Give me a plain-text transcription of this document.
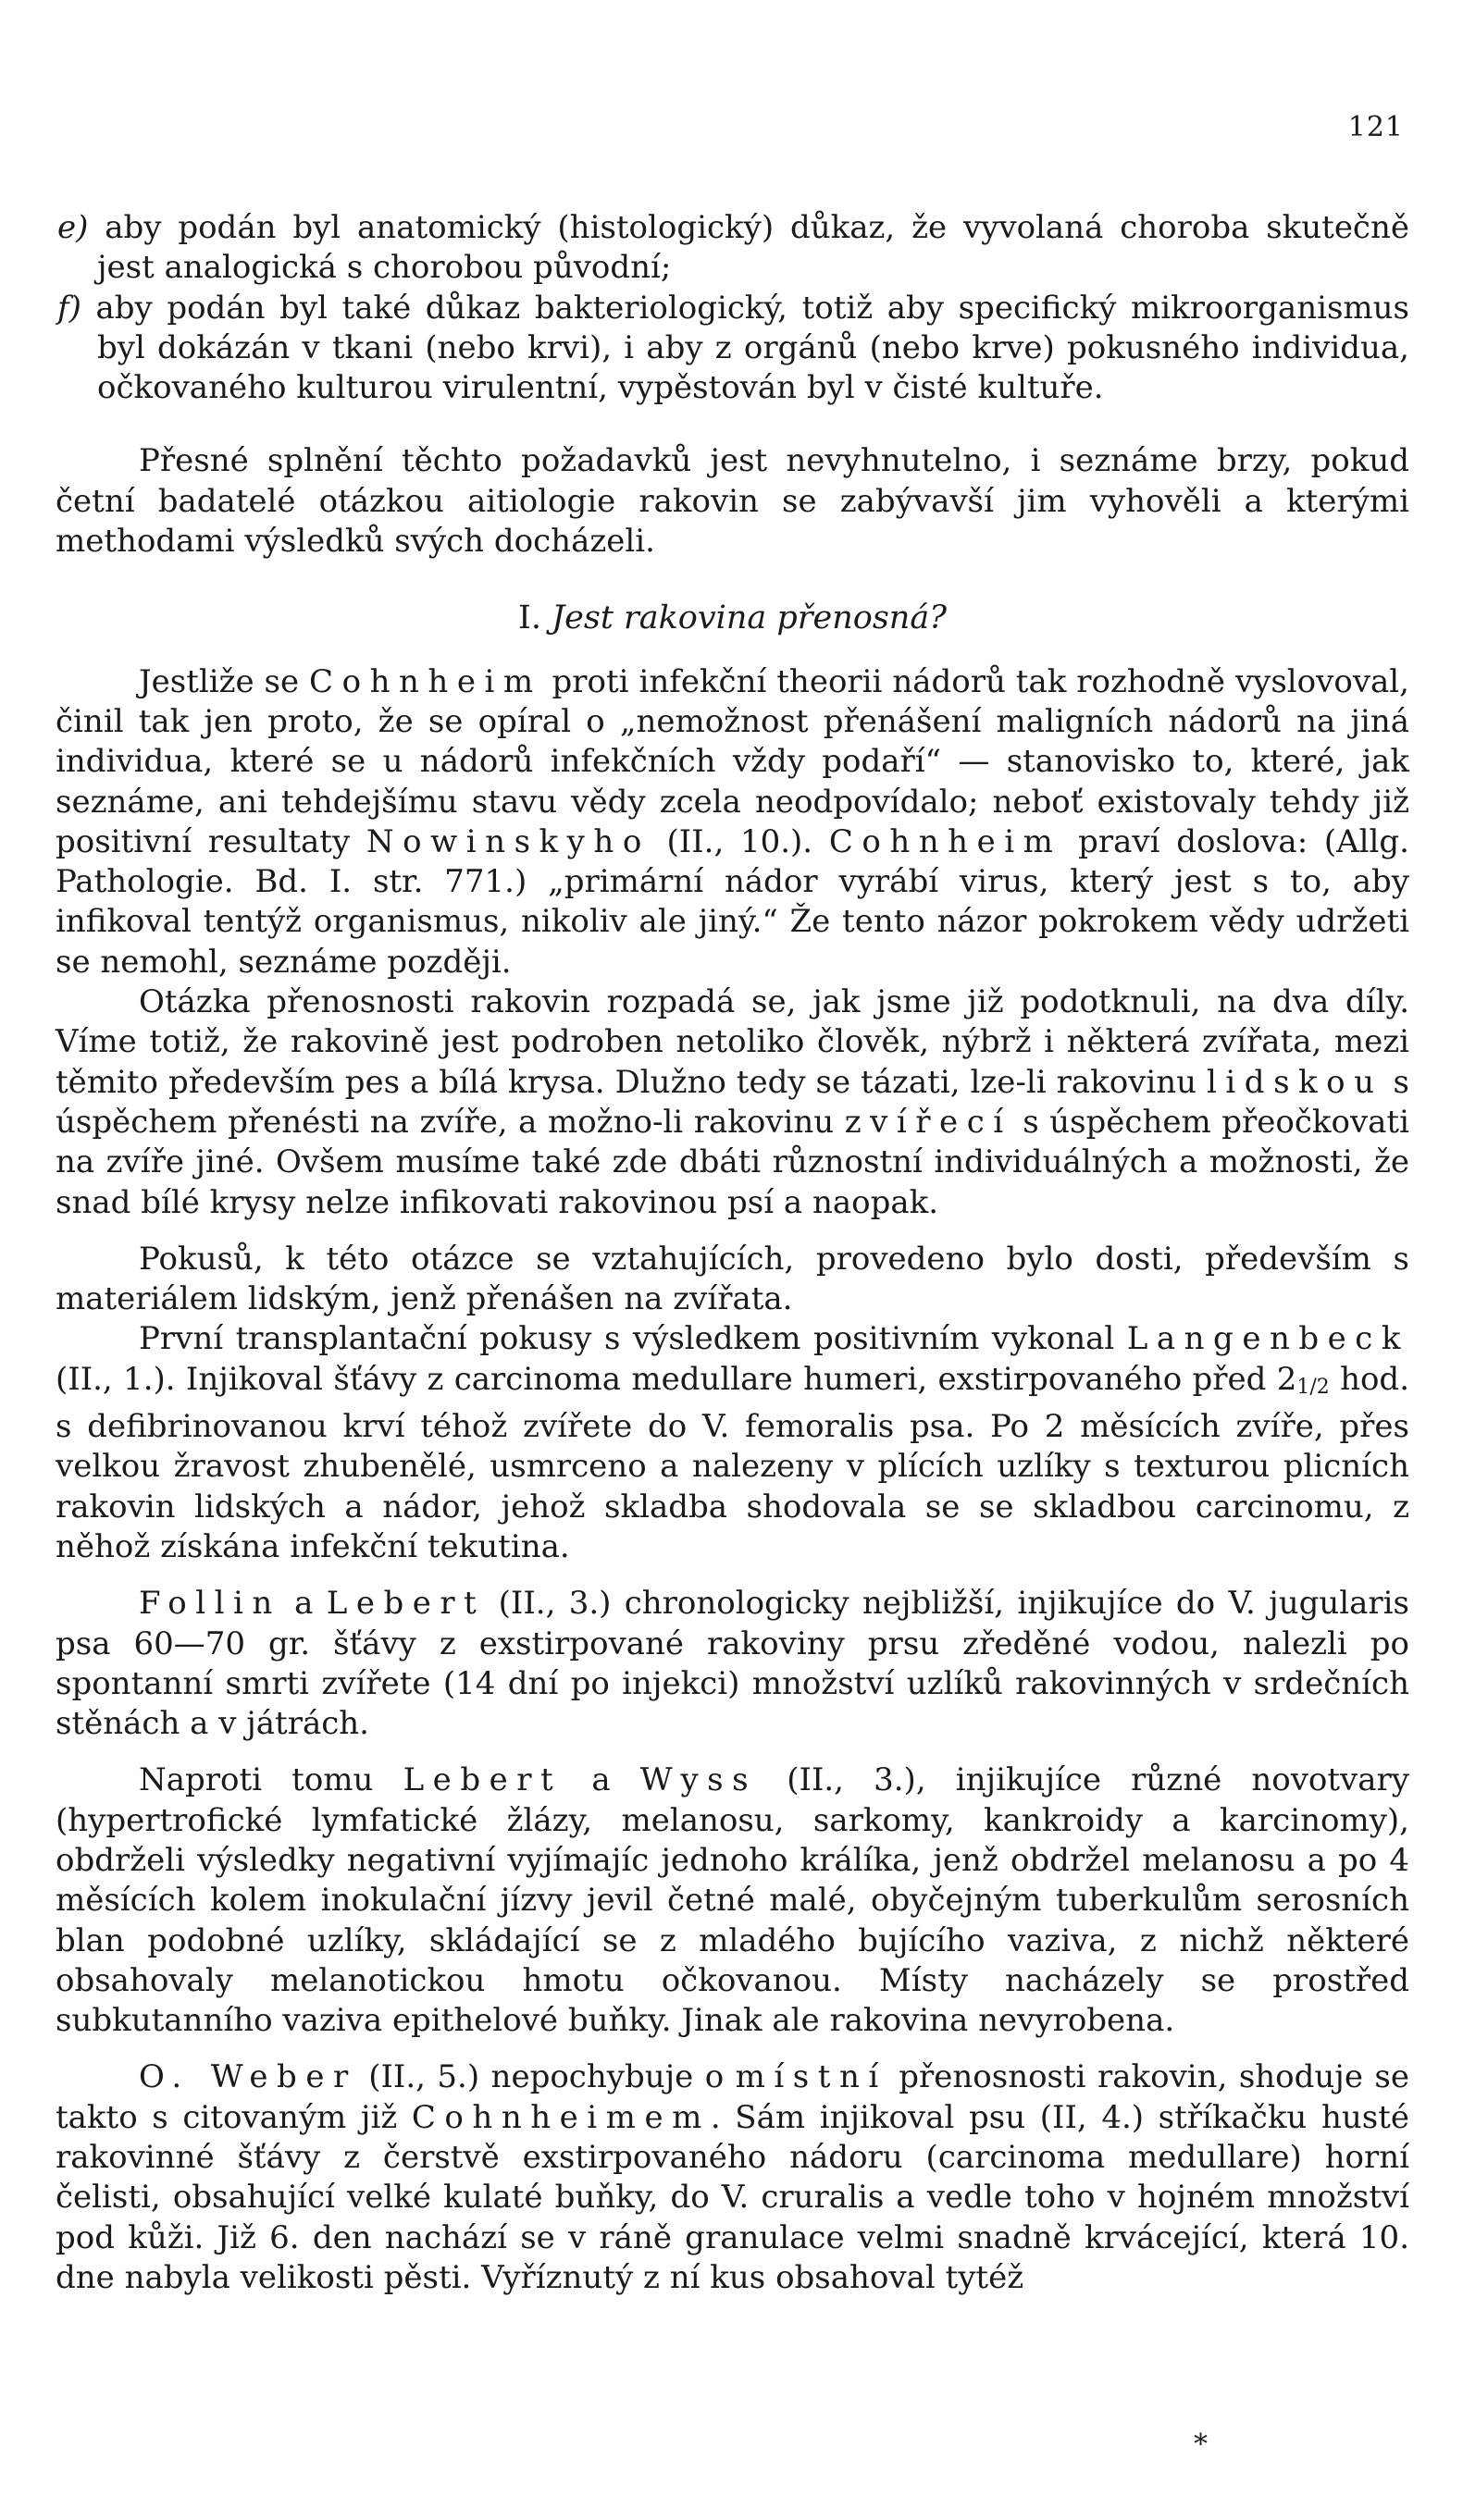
121

e) aby podán byl anatomický (histologický) důkaz, že vyvolaná choroba skutečně jest analogická s chorobou původní;

f) aby podán byl také důkaz bakteriologický, totiž aby specifický mikroorganismus byl dokázán v tkani (nebo krvi), i aby z orgánů (nebo krve) pokusného individua, očkovaného kulturou virulentní, vypěstován byl v čisté kultuře.

Přesné splnění těchto požadavků jest nevyhnutelno, i seznáme brzy, pokud četní badatelé otázkou aitiologie rakovin se zabývavší jim vyhověli a kterými methodami výsledků svých docházeli.

I. Jest rakovina přenosná?

Jestliže se Cohnheim proti infekční theorii nádorů tak rozhodně vyslovoval, činil tak jen proto, že se opíral o „nemožnost přenášení maligních nádorů na jiná individua, které se u nádorů infekčních vždy podaří“ — stanovisko to, které, jak seznáme, ani tehdejšímu stavu vědy zcela neodpovídalo; neboť existovaly tehdy již positivní resultaty Nowinskyho (II., 10.). Cohnheim praví doslova: (Allg. Pathologie. Bd. I. str. 771.) „primární nádor vyrábí virus, který jest s to, aby infikoval tentýž organismus, nikoliv ale jiný.“ Že tento názor pokrokem vědy udržeti se nemohl, seznáme později.

Otázka přenosnosti rakovin rozpadá se, jak jsme již podotknuli, na dva díly. Víme totiž, že rakovině jest podroben netoliko člověk, nýbrž i některá zvířata, mezi těmito především pes a bílá krysa. Dlužno tedy se tázati, lze-li rakovinu lidskou s úspěchem přenésti na zvíře, a možno-li rakovinu zvířecí s úspěchem přeočkovati na zvíře jiné. Ovšem musíme také zde dbáti různostní individuálných a možnosti, že snad bílé krysy nelze infikovati rakovinou psí a naopak.

Pokusů, k této otázce se vztahujících, provedeno bylo dosti, především s materiálem lidským, jenž přenášen na zvířata.

První transplantační pokusy s výsledkem positivním vykonal Langenbeck (II., 1.). Injikoval šťávy z carcinoma medullare humeri, exstirpovaného před $2_{1/2}$ hod. s defibrinovanou krví téhož zvířete do V. femoralis psa. Po 2 měsících zvíře, přes velkou žravost zhubenělé, usmrceno a nalezeny v plících uzlíky s texturou plicních rakovin lidských a nádor, jehož skladba shodovala se se skladbou carcinomu, z něhož získána infekční tekutina.

Follin a Lebert (II., 3.) chronologicky nejbližší, injikujíce do V. jugularis psa 60—70 gr. šťávy z exstirpované rakoviny prsu zředěné vodou, nalezli po spontanní smrti zvířete (14 dní po injekci) množství uzlíků rakovinných v srdečních stěnách a v játrách.

Naproti tomu Lebert a Wyss (II., 3.), injikujíce různé novotvary (hypertrofické lymfatické žlázy, melanosu, sarkomy, kankroidy a karcinomy), obdrželi výsledky negativní vyjímajíc jednoho králíka, jenž obdržel melanosu a po 4 měsících kolem inokulační jízvy jevil četné malé, obyčejným tuberkulům serosních blan podobné uzlíky, skládající se z mladého bujícího vaziva, z nichž některé obsahovaly melanotickou hmotu očkovanou. Místy nacházely se prostřed subkutanního vaziva epithelové buňky. Jinak ale rakovina nevyrobena.

O. Weber (II., 5.) nepochybuje o místní přenosnosti rakovin, shoduje se takto s citovaným již Cohnheimem. Sám injikoval psu (II, 4.) stříkačku husté rakovinné šťávy z čerstvě exstirpovaného nádoru (carcinoma medullare) horní čelisti, obsahující velké kulaté buňky, do V. cruralis a vedle toho v hojném množství pod kůži. Již 6. den nachází se v ráně granulace velmi snadně krvácející, která 10. dne nabyla velikosti pěsti. Vyříznutý z ní kus obsahoval tytéž

*
